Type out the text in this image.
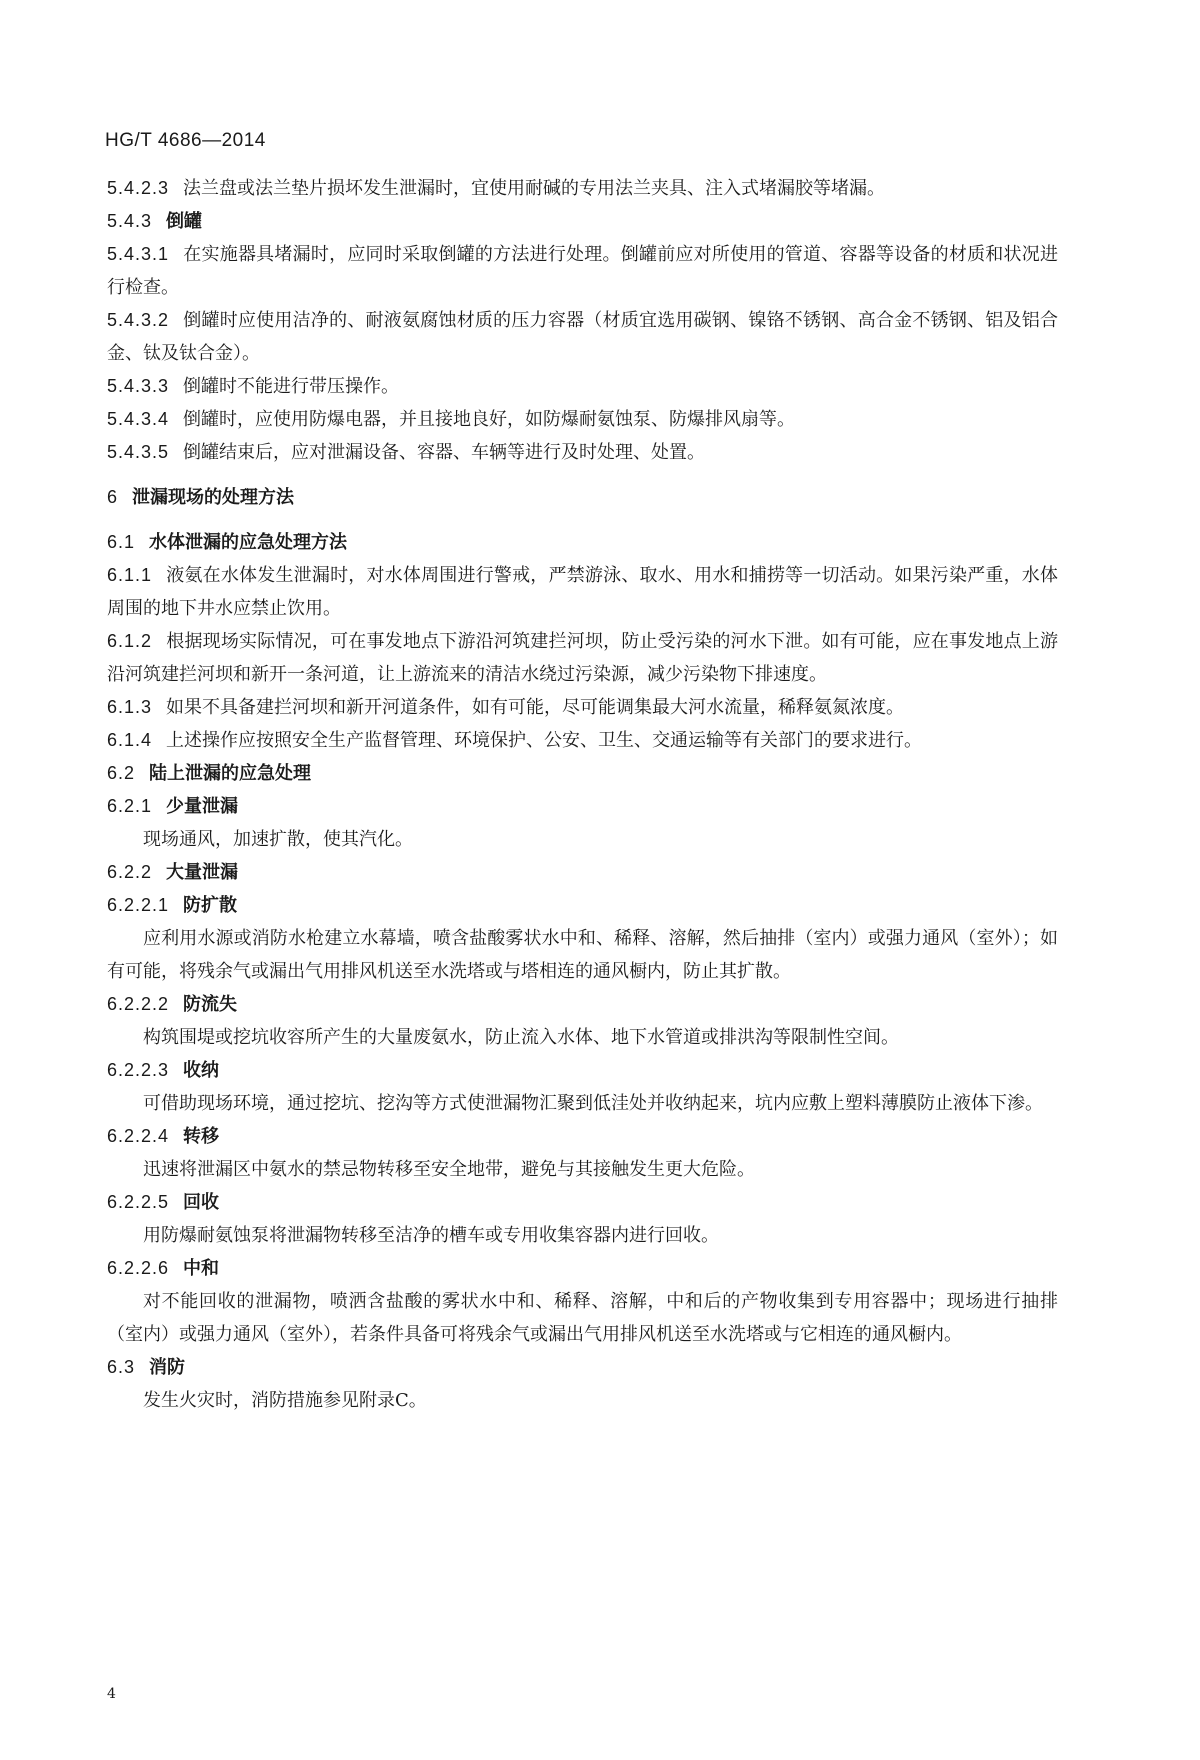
HG/T 4686—2014

5.4.2.3 法兰盘或法兰垫片损坏发生泄漏时，宜使用耐碱的专用法兰夹具、注入式堵漏胶等堵漏。

5.4.3 倒罐

5.4.3.1 在实施器具堵漏时，应同时采取倒罐的方法进行处理。倒罐前应对所使用的管道、容器等设备的材质和状况进行检查。

5.4.3.2 倒罐时应使用洁净的、耐液氨腐蚀材质的压力容器（材质宜选用碳钢、镍铬不锈钢、高合金不锈钢、铝及铝合金、钛及钛合金）。

5.4.3.3 倒罐时不能进行带压操作。

5.4.3.4 倒罐时，应使用防爆电器，并且接地良好，如防爆耐氨蚀泵、防爆排风扇等。

5.4.3.5 倒罐结束后，应对泄漏设备、容器、车辆等进行及时处理、处置。

6 泄漏现场的处理方法

6.1 水体泄漏的应急处理方法

6.1.1 液氨在水体发生泄漏时，对水体周围进行警戒，严禁游泳、取水、用水和捕捞等一切活动。如果污染严重，水体周围的地下井水应禁止饮用。

6.1.2 根据现场实际情况，可在事发地点下游沿河筑建拦河坝，防止受污染的河水下泄。如有可能，应在事发地点上游沿河筑建拦河坝和新开一条河道，让上游流来的清洁水绕过污染源，减少污染物下排速度。

6.1.3 如果不具备建拦河坝和新开河道条件，如有可能，尽可能调集最大河水流量，稀释氨氮浓度。

6.1.4 上述操作应按照安全生产监督管理、环境保护、公安、卫生、交通运输等有关部门的要求进行。

6.2 陆上泄漏的应急处理

6.2.1 少量泄漏

现场通风，加速扩散，使其汽化。

6.2.2 大量泄漏

6.2.2.1 防扩散

应利用水源或消防水枪建立水幕墙，喷含盐酸雾状水中和、稀释、溶解，然后抽排（室内）或强力通风（室外）；如有可能，将残余气或漏出气用排风机送至水洗塔或与塔相连的通风橱内，防止其扩散。

6.2.2.2 防流失

构筑围堤或挖坑收容所产生的大量废氨水，防止流入水体、地下水管道或排洪沟等限制性空间。

6.2.2.3 收纳

可借助现场环境，通过挖坑、挖沟等方式使泄漏物汇聚到低洼处并收纳起来，坑内应敷上塑料薄膜防止液体下渗。

6.2.2.4 转移

迅速将泄漏区中氨水的禁忌物转移至安全地带，避免与其接触发生更大危险。

6.2.2.5 回收

用防爆耐氨蚀泵将泄漏物转移至洁净的槽车或专用收集容器内进行回收。

6.2.2.6 中和

对不能回收的泄漏物，喷洒含盐酸的雾状水中和、稀释、溶解，中和后的产物收集到专用容器中；现场进行抽排（室内）或强力通风（室外），若条件具备可将残余气或漏出气用排风机送至水洗塔或与它相连的通风橱内。

6.3 消防

发生火灾时，消防措施参见附录C。

4
